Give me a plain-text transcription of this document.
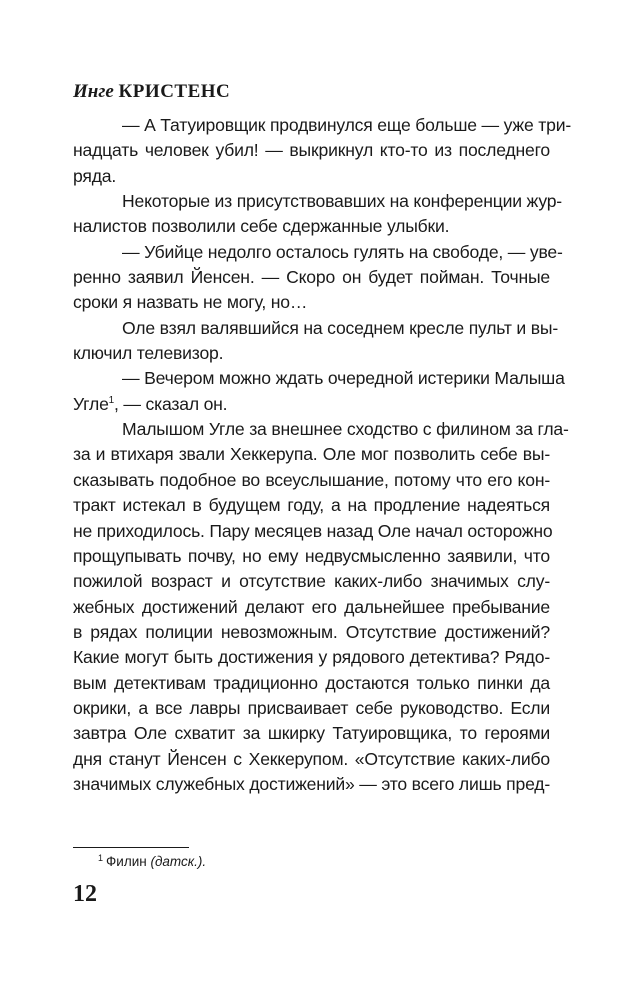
Инге КРИСТЕНС
— А Татуировщик продвинулся еще больше — уже три-
надцать человек убил! — выкрикнул кто-то из последнего
ряда.
Некоторые из присутствовавших на конференции жур-
налистов позволили себе сдержанные улыбки.
— Убийце недолго осталось гулять на свободе, — уве-
ренно заявил Йенсен. — Скоро он будет пойман. Точные
сроки я назвать не могу, но…
Оле взял валявшийся на соседнем кресле пульт и вы-
ключил телевизор.
— Вечером можно ждать очередной истерики Малыша
Угле$^1$, — сказал он.
Малышом Угле за внешнее сходство с филином за гла-
за и втихаря звали Хеккерупа. Оле мог позволить себе вы-
сказывать подобное во всеуслышание, потому что его кон-
тракт истекал в будущем году, а на продление надеяться
не приходилось. Пару месяцев назад Оле начал осторожно
прощупывать почву, но ему недвусмысленно заявили, что
пожилой возраст и отсутствие каких-либо значимых слу-
жебных достижений делают его дальнейшее пребывание
в рядах полиции невозможным. Отсутствие достижений?
Какие могут быть достижения у рядового детектива? Рядо-
вым детективам традиционно достаются только пинки да
окрики, а все лавры присваивает себе руководство. Если
завтра Оле схватит за шкирку Татуировщика, то героями
дня станут Йенсен с Хеккерупом. «Отсутствие каких-либо
значимых служебных достижений» — это всего лишь пред-
$^1$ Филин (датск.).
12
